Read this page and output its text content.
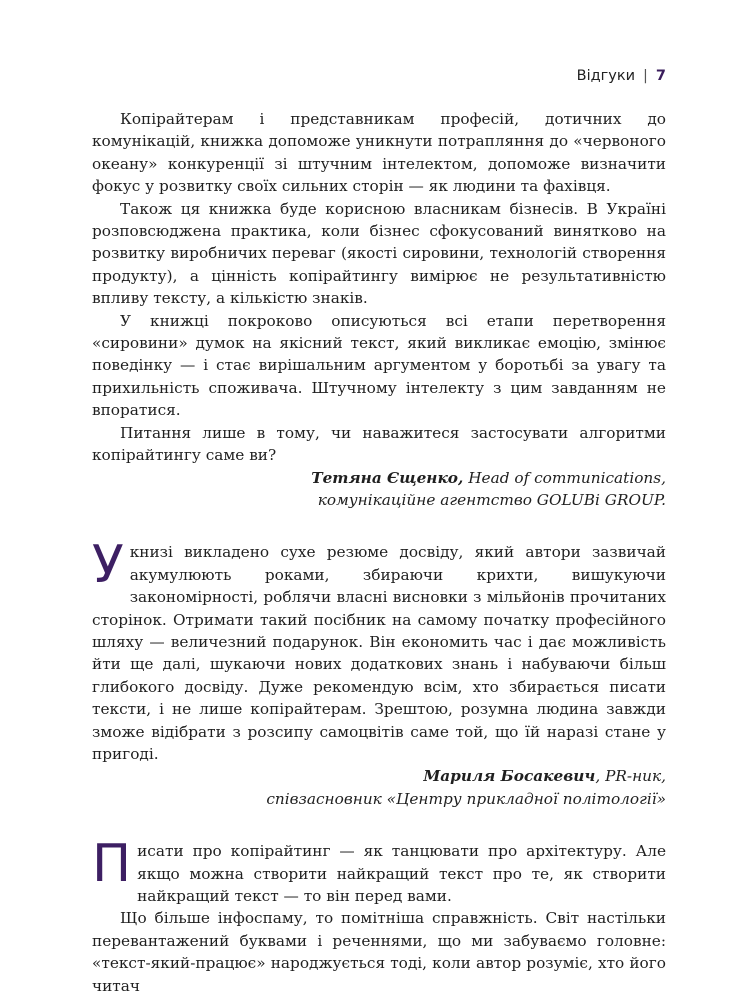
Відгуки | 7

Копірайтерам і представникам професій, дотичних до комунікацій, книжка допоможе уникнути потрапляння до «червоного океану» конкуренції зі штучним інтелектом, допоможе визначити фокус у розвитку своїх сильних сторін — як людини та фахівця.

Також ця книжка буде корисною власникам бізнесів. В Україні розповсюджена практика, коли бізнес сфокусований винятково на розвитку виробничих переваг (якості сировини, технологій створення продукту), а цінність копірайтингу вимірює не результативністю впливу тексту, а кількістю знаків.

У книжці покроково описуються всі етапи перетворення «сировини» думок на якісний текст, який викликає емоцію, змінює поведінку — і стає вирішальним аргументом у боротьбі за увагу та прихильність споживача. Штучному інтелекту з цим завданням не впоратися.

Питання лише в тому, чи наважитеся застосувати алгоритми копірайтингу саме ви?

Тетяна Єщенко, Head of communications,
комунікаційне агентство GOLUBi GROUP.

У книзі викладено сухе резюме досвіду, який автори зазвичай акумулюють роками, збираючи крихти, вишукуючи закономірності, роблячи власні висновки з мільйонів прочитаних сторінок. Отримати такий посібник на самому початку професійного шляху — величезний подарунок. Він економить час і дає можливість йти ще далі, шукаючи нових додаткових знань і набуваючи більш глибокого досвіду. Дуже рекомендую всім, хто збирається писати тексти, і не лише копірайтерам. Зрештою, розумна людина завжди зможе відібрати з розсипу самоцвітів саме той, що їй наразі стане у пригоді.

Мариля Босакевич, PR-ник,
співзасновник «Центру прикладної політології»

Писати про копірайтинг — як танцювати про архітектуру. Але якщо можна створити найкращий текст про те, як створити найкращий текст — то він перед вами.

Що більше інфоспаму, то помітніша справжність. Світ настільки перевантажений буквами і реченнями, що ми забуваємо головне: «текст-який-працює» народжується тоді, коли автор розуміє, хто його читач
